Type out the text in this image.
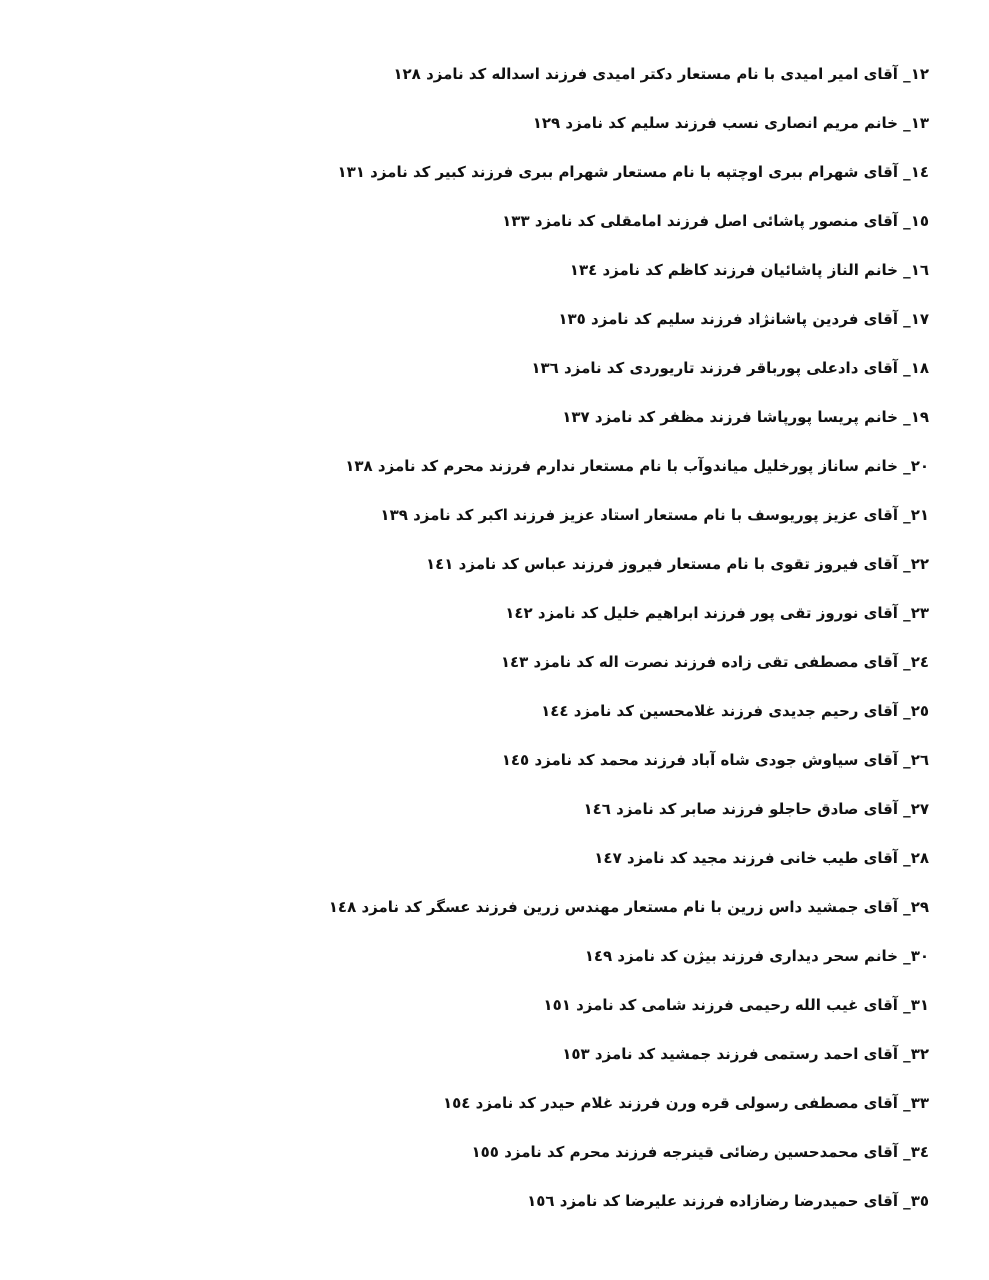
۱۲_ آقای امیر امیدی با نام مستعار دکتر امیدی فرزند اسداله کد نامزد ۱۲۸
۱۳_ خانم مریم انصاری نسب فرزند سلیم کد نامزد ۱۲۹
۱٤_ آقای شهرام ببری اوچتپه با نام مستعار شهرام ببری فرزند کبیر کد نامزد ۱۳۱
۱٥_ آقای منصور پاشائی اصل فرزند امامقلی کد نامزد ۱۳۳
۱٦_ خانم الناز پاشائیان فرزند کاظم کد نامزد ۱۳٤
۱۷_ آقای فردین پاشانژاد فرزند سلیم کد نامزد ۱۳٥
۱۸_ آقای دادعلی پورباقر فرزند تاریوردی کد نامزد ۱۳٦
۱۹_ خانم پریسا پورپاشا فرزند مظفر کد نامزد ۱۳۷
۲۰_ خانم ساناز پورخلیل میاندوآب با نام مستعار ندارم فرزند محرم کد نامزد ۱۳۸
۲۱_ آقای عزیز پوریوسف با نام مستعار استاد عزیز فرزند اکبر کد نامزد ۱۳۹
۲۲_ آقای فیروز تقوی با نام مستعار فیروز فرزند عباس کد نامزد ۱٤۱
۲۳_ آقای نوروز تقی پور فرزند ابراهیم خلیل کد نامزد ۱٤۲
۲٤_ آقای مصطفی تقی زاده فرزند نصرت اله کد نامزد ۱٤۳
۲٥_ آقای رحیم جدیدی فرزند غلامحسین کد نامزد ۱٤٤
۲٦_ آقای سیاوش جودی شاه آباد فرزند محمد کد نامزد ۱٤٥
۲۷_ آقای صادق حاجلو فرزند صابر کد نامزد ۱٤٦
۲۸_ آقای طیب خانی فرزند مجید کد نامزد ۱٤۷
۲۹_ آقای جمشید داس زرین با نام مستعار مهندس زرین فرزند عسگر کد نامزد ۱٤۸
۳۰_ خانم سحر دیداری فرزند بیژن کد نامزد ۱٤۹
۳۱_ آقای غیب الله رحیمی فرزند شامی کد نامزد ۱٥۱
۳۲_ آقای احمد رستمی فرزند جمشید کد نامزد ۱٥۳
۳۳_ آقای مصطفی رسولی قره ورن فرزند غلام حیدر کد نامزد ۱٥٤
۳٤_ آقای محمدحسین رضائی قینرجه فرزند محرم کد نامزد ۱٥٥
۳٥_ آقای حمیدرضا رضازاده فرزند علیرضا کد نامزد ۱٥٦
